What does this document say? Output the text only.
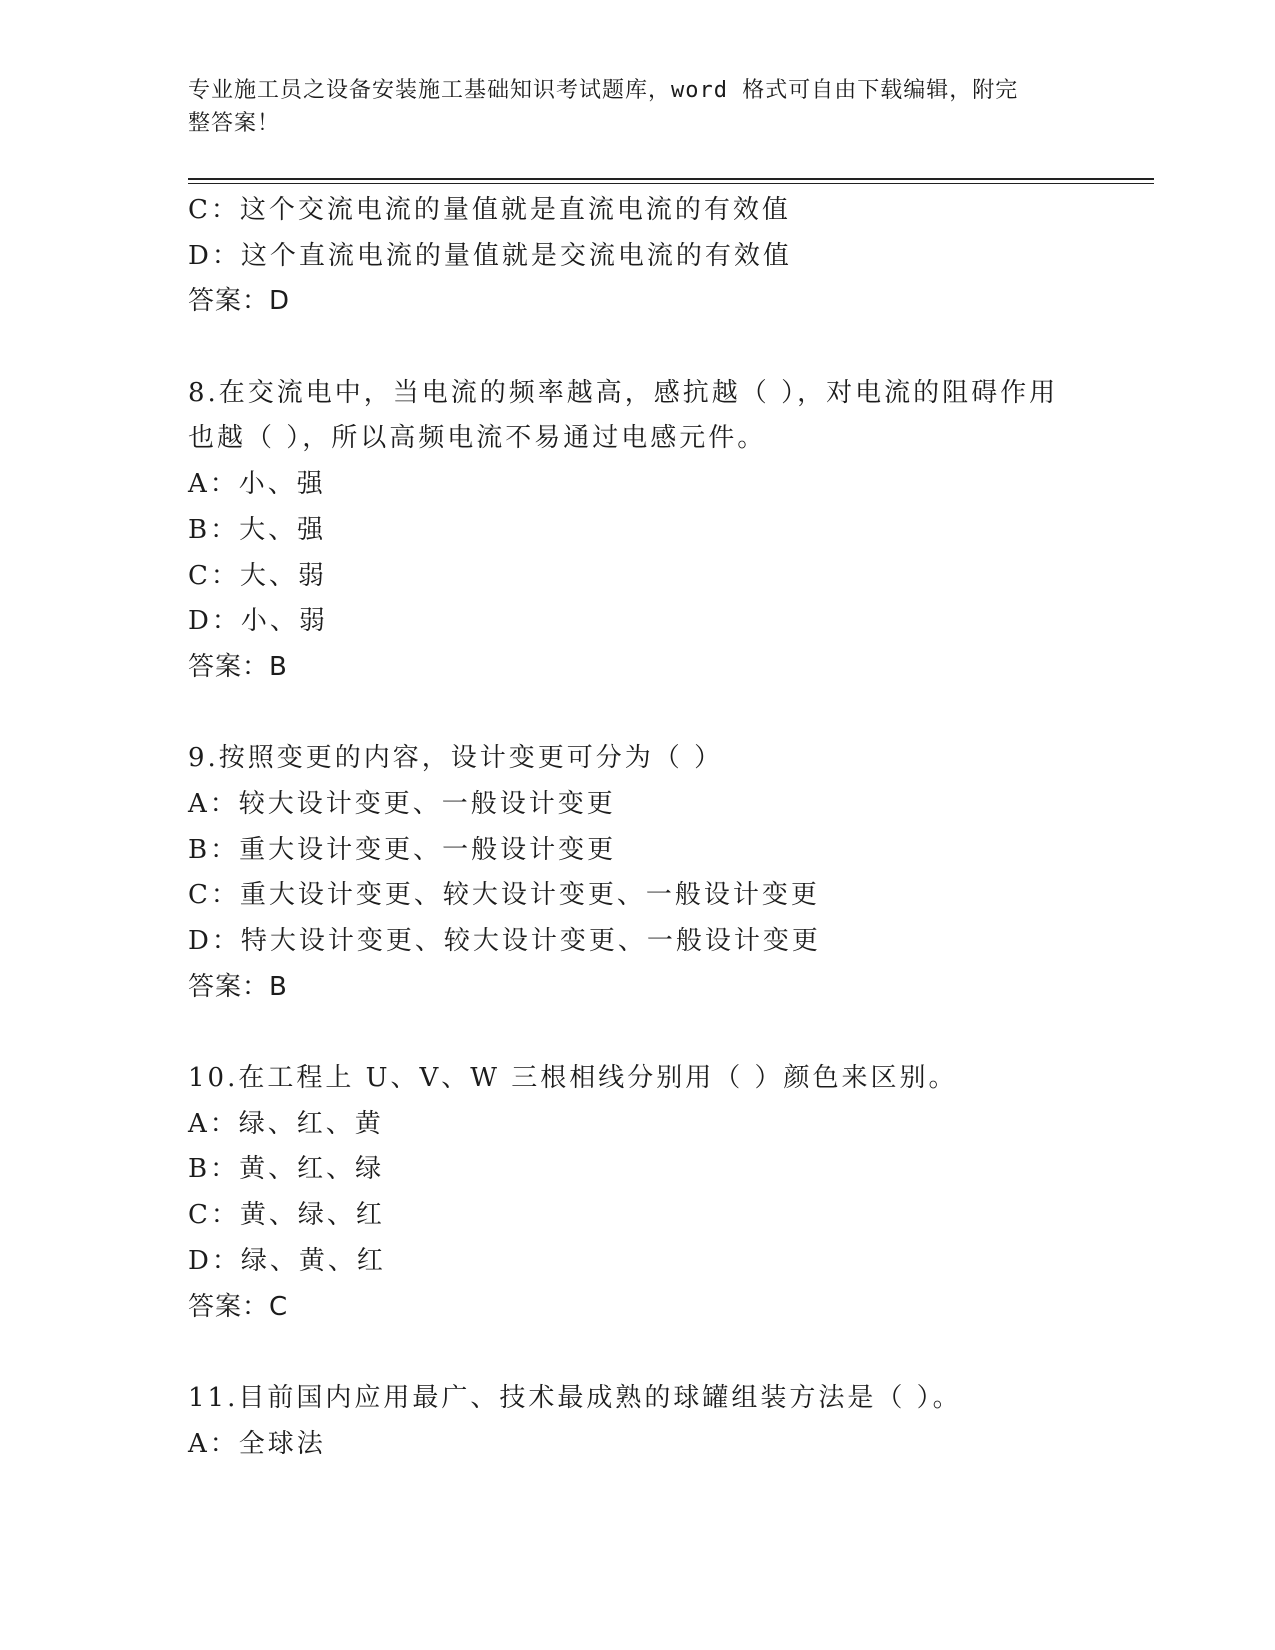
专业施工员之设备安装施工基础知识考试题库，word 格式可自由下载编辑，附完
整答案！
C：这个交流电流的量值就是直流电流的有效值
D：这个直流电流的量值就是交流电流的有效值
答案：D
8.在交流电中，当电流的频率越高，感抗越（ ），对电流的阻碍作用
也越（ ），所以高频电流不易通过电感元件。
A：小、强
B：大、强
C：大、弱
D：小、弱
答案：B
9.按照变更的内容，设计变更可分为（ ）
A：较大设计变更、一般设计变更
B：重大设计变更、一般设计变更
C：重大设计变更、较大设计变更、一般设计变更
D：特大设计变更、较大设计变更、一般设计变更
答案：B
10.在工程上 U、V、W 三根相线分别用（ ）颜色来区别。
A：绿、红、黄
B：黄、红、绿
C：黄、绿、红
D：绿、黄、红
答案：C
11.目前国内应用最广、技术最成熟的球罐组装方法是（ ）。
A：全球法
